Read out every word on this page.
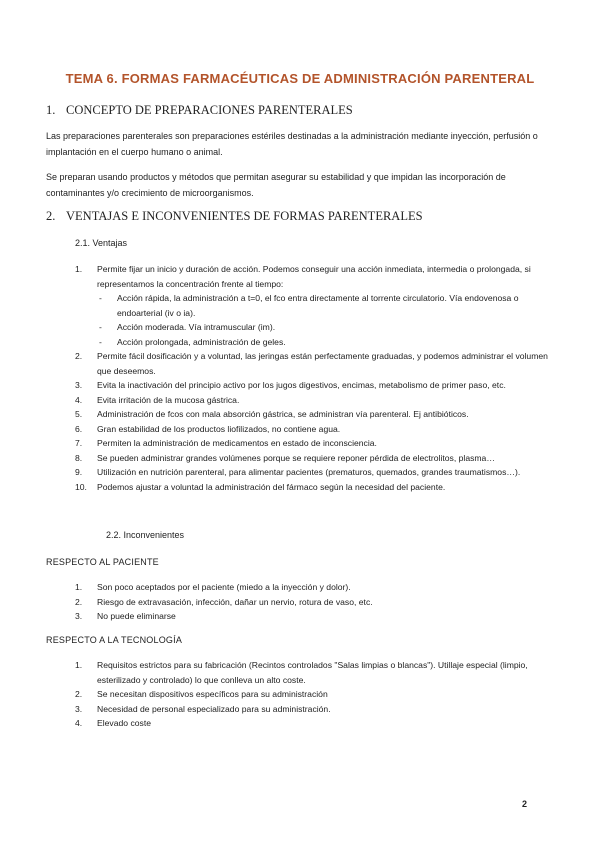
TEMA 6. FORMAS FARMACÉUTICAS DE ADMINISTRACIÓN PARENTERAL
1. CONCEPTO DE PREPARACIONES PARENTERALES
Las preparaciones parenterales son preparaciones estériles destinadas a la administración mediante inyección, perfusión o implantación en el cuerpo humano o animal.
Se preparan usando productos y métodos que permitan asegurar su estabilidad y que impidan las incorporación de contaminantes y/o crecimiento de microorganismos.
2. VENTAJAS E INCONVENIENTES DE FORMAS PARENTERALES
2.1. Ventajas
1. Permite fijar un inicio y duración de acción. Podemos conseguir una acción inmediata, intermedia o prolongada, si representamos la concentración frente al tiempo:
- Acción rápida, la administración a t=0, el fco entra directamente al torrente circulatorio. Vía endovenosa o endoarterial (iv o ia).
- Acción moderada. Vía intramuscular (im).
- Acción prolongada, administración de geles.
2. Permite fácil dosificación y a voluntad, las jeringas están perfectamente graduadas, y podemos administrar el volumen que deseemos.
3. Evita la inactivación del principio activo por los jugos digestivos, encimas, metabolismo de primer paso, etc.
4. Evita irritación de la mucosa gástrica.
5. Administración de fcos con mala absorción gástrica, se administran vía parenteral. Ej antibióticos.
6. Gran estabilidad de los productos liofilizados, no contiene agua.
7. Permiten la administración de medicamentos en estado de inconsciencia.
8. Se pueden administrar grandes volúmenes porque se requiere reponer pérdida de electrolitos, plasma…
9. Utilización en nutrición parenteral, para alimentar pacientes (prematuros, quemados, grandes traumatismos…).
10. Podemos ajustar a voluntad la administración del fármaco según la necesidad del paciente.
2.2. Inconvenientes
RESPECTO AL PACIENTE
1. Son poco aceptados por el paciente (miedo a la inyección y dolor).
2. Riesgo de extravasación, infección, dañar un nervio, rotura de vaso, etc.
3. No puede eliminarse
RESPECTO A LA TECNOLOGÍA
1. Requisitos estrictos para su fabricación (Recintos controlados "Salas limpias o blancas"). Utillaje especial (limpio, esterilizado y controlado) lo que conlleva un alto coste.
2. Se necesitan dispositivos específicos para su administración
3. Necesidad de personal especializado para su administración.
4. Elevado coste
2
